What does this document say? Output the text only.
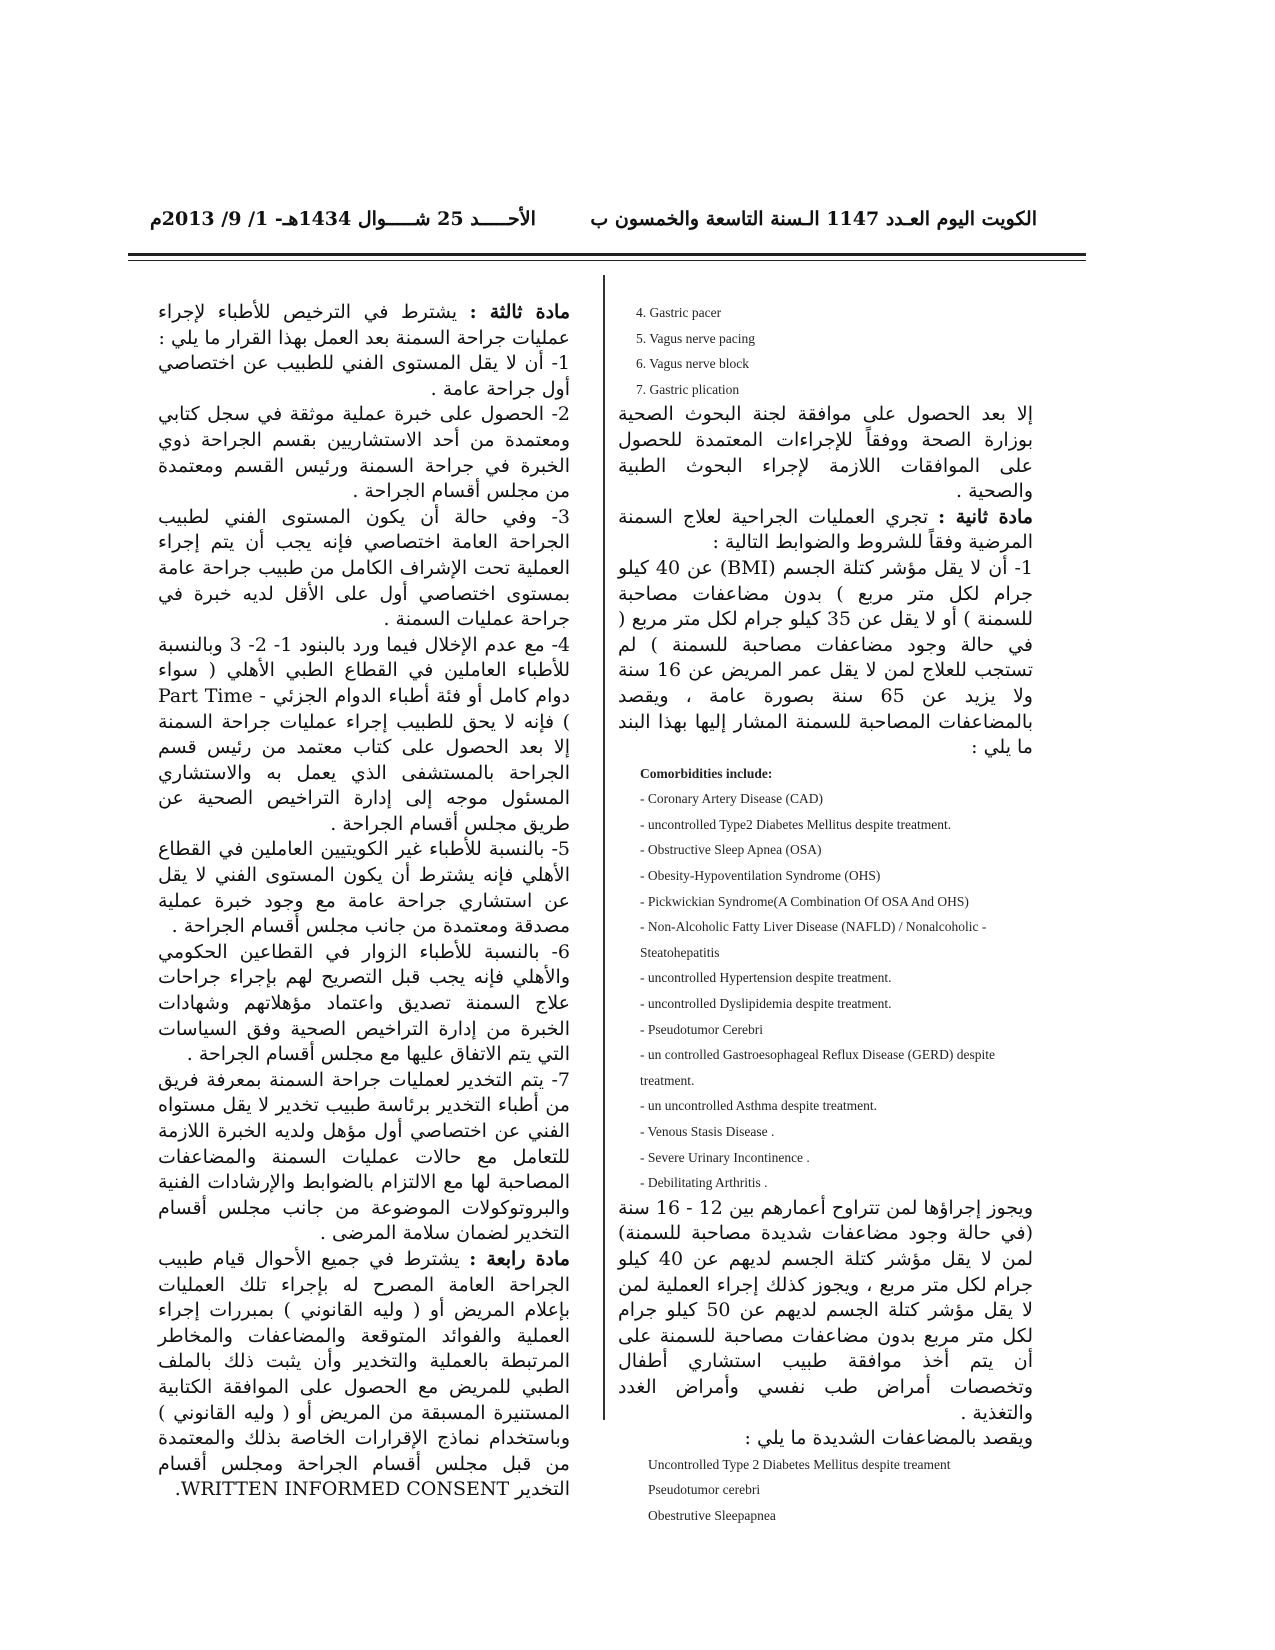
الكويت اليوم العـدد 1147 الـسنة التاسعة والخمسون ب
الأحـــــد 25 شـــــوال 1434هـ- 1/ 9/ 2013م

مادة ثالثة : يشترط في الترخيص للأطباء لإجراء عمليات جراحة السمنة بعد العمل بهذا القرار ما يلي :

1- أن لا يقل المستوى الفني للطبيب عن اختصاصي أول جراحة عامة .

2- الحصول على خبرة عملية موثقة في سجل كتابي ومعتمدة من أحد الاستشاريين بقسم الجراحة ذوي الخبرة في جراحة السمنة ورئيس القسم ومعتمدة من مجلس أقسام الجراحة .

3- وفي حالة أن يكون المستوى الفني لطبيب الجراحة العامة اختصاصي فإنه يجب أن يتم إجراء العملية تحت الإشراف الكامل من طبيب جراحة عامة بمستوى اختصاصي أول على الأقل لديه خبرة في جراحة عمليات السمنة .

4- مع عدم الإخلال فيما ورد بالبنود 1- 2- 3 وبالنسبة للأطباء العاملين في القطاع الطبي الأهلي ( سواء دوام كامل أو فئة أطباء الدوام الجزئي - Part Time ) فإنه لا يحق للطبيب إجراء عمليات جراحة السمنة إلا بعد الحصول على كتاب معتمد من رئيس قسم الجراحة بالمستشفى الذي يعمل به والاستشاري المسئول موجه إلى إدارة التراخيص الصحية عن طريق مجلس أقسام الجراحة .

5- بالنسبة للأطباء غير الكويتيين العاملين في القطاع الأهلي فإنه يشترط أن يكون المستوى الفني لا يقل عن استشاري جراحة عامة مع وجود خبرة عملية مصدقة ومعتمدة من جانب مجلس أقسام الجراحة .

6- بالنسبة للأطباء الزوار في القطاعين الحكومي والأهلي فإنه يجب قبل التصريح لهم بإجراء جراحات علاج السمنة تصديق واعتماد مؤهلاتهم وشهادات الخبرة من إدارة التراخيص الصحية وفق السياسات التي يتم الاتفاق عليها مع مجلس أقسام الجراحة .

7- يتم التخدير لعمليات جراحة السمنة بمعرفة فريق من أطباء التخدير برئاسة طبيب تخدير لا يقل مستواه الفني عن اختصاصي أول مؤهل ولديه الخبرة اللازمة للتعامل مع حالات عمليات السمنة والمضاعفات المصاحبة لها مع الالتزام بالضوابط والإرشادات الفنية والبروتوكولات الموضوعة من جانب مجلس أقسام التخدير لضمان سلامة المرضى .

مادة رابعة : يشترط في جميع الأحوال قيام طبيب الجراحة العامة المصرح له بإجراء تلك العمليات بإعلام المريض أو ( وليه القانوني ) بمبررات إجراء العملية والفوائد المتوقعة والمضاعفات والمخاطر المرتبطة بالعملية والتخدير وأن يثبت ذلك بالملف الطبي للمريض مع الحصول على الموافقة الكتابية المستنيرة المسبقة من المريض أو ( وليه القانوني ) وباستخدام نماذج الإقرارات الخاصة بذلك والمعتمدة من قبل مجلس أقسام الجراحة ومجلس أقسام التخدير WRITTEN INFORMED CONSENT.

4. Gastric pacer
5. Vagus nerve pacing
6. Vagus nerve block
7. Gastric plication

إلا بعد الحصول على موافقة لجنة البحوث الصحية بوزارة الصحة ووفقاً للإجراءات المعتمدة للحصول على الموافقات اللازمة لإجراء البحوث الطبية والصحية .

مادة ثانية : تجري العمليات الجراحية لعلاج السمنة المرضية وفقاً للشروط والضوابط التالية :

1- أن لا يقل مؤشر كتلة الجسم (BMI) عن 40 كيلو جرام لكل متر مربع ) بدون مضاعفات مصاحبة للسمنة ) أو لا يقل عن 35 كيلو جرام لكل متر مربع ( في حالة وجود مضاعفات مصاحبة للسمنة ) لم تستجب للعلاج لمن لا يقل عمر المريض عن 16 سنة ولا يزيد عن 65 سنة بصورة عامة ، ويقصد بالمضاعفات المصاحبة للسمنة المشار إليها بهذا البند ما يلي :

Comorbidities include:
- Coronary Artery Disease (CAD)
- uncontrolled Type2 Diabetes Mellitus despite treatment.
- Obstructive Sleep Apnea (OSA)
- Obesity-Hypoventilation Syndrome (OHS)
- Pickwickian Syndrome(A Combination Of OSA And OHS)
- Non-Alcoholic Fatty Liver Disease (NAFLD) / Nonalcoholic - Steatohepatitis
- uncontrolled Hypertension despite treatment.
- uncontrolled Dyslipidemia despite treatment.
- Pseudotumor Cerebri
- un controlled Gastroesophageal Reflux Disease (GERD) despite treatment.
- un uncontrolled Asthma despite treatment.
- Venous Stasis Disease .
- Severe Urinary Incontinence .
- Debilitating Arthritis .

ويجوز إجراؤها لمن تتراوح أعمارهم بين 12 - 16 سنة (في حالة وجود مضاعفات شديدة مصاحبة للسمنة) لمن لا يقل مؤشر كتلة الجسم لديهم عن 40 كيلو جرام لكل متر مربع ، ويجوز كذلك إجراء العملية لمن لا يقل مؤشر كتلة الجسم لديهم عن 50 كيلو جرام لكل متر مربع بدون مضاعفات مصاحبة للسمنة على أن يتم أخذ موافقة طبيب استشاري أطفال وتخصصات أمراض طب نفسي وأمراض الغدد والتغذية .

ويقصد بالمضاعفات الشديدة ما يلي :

Uncontrolled Type 2 Diabetes Mellitus despite treament
Pseudotumor cerebri
Obestrutive Sleepapnea
